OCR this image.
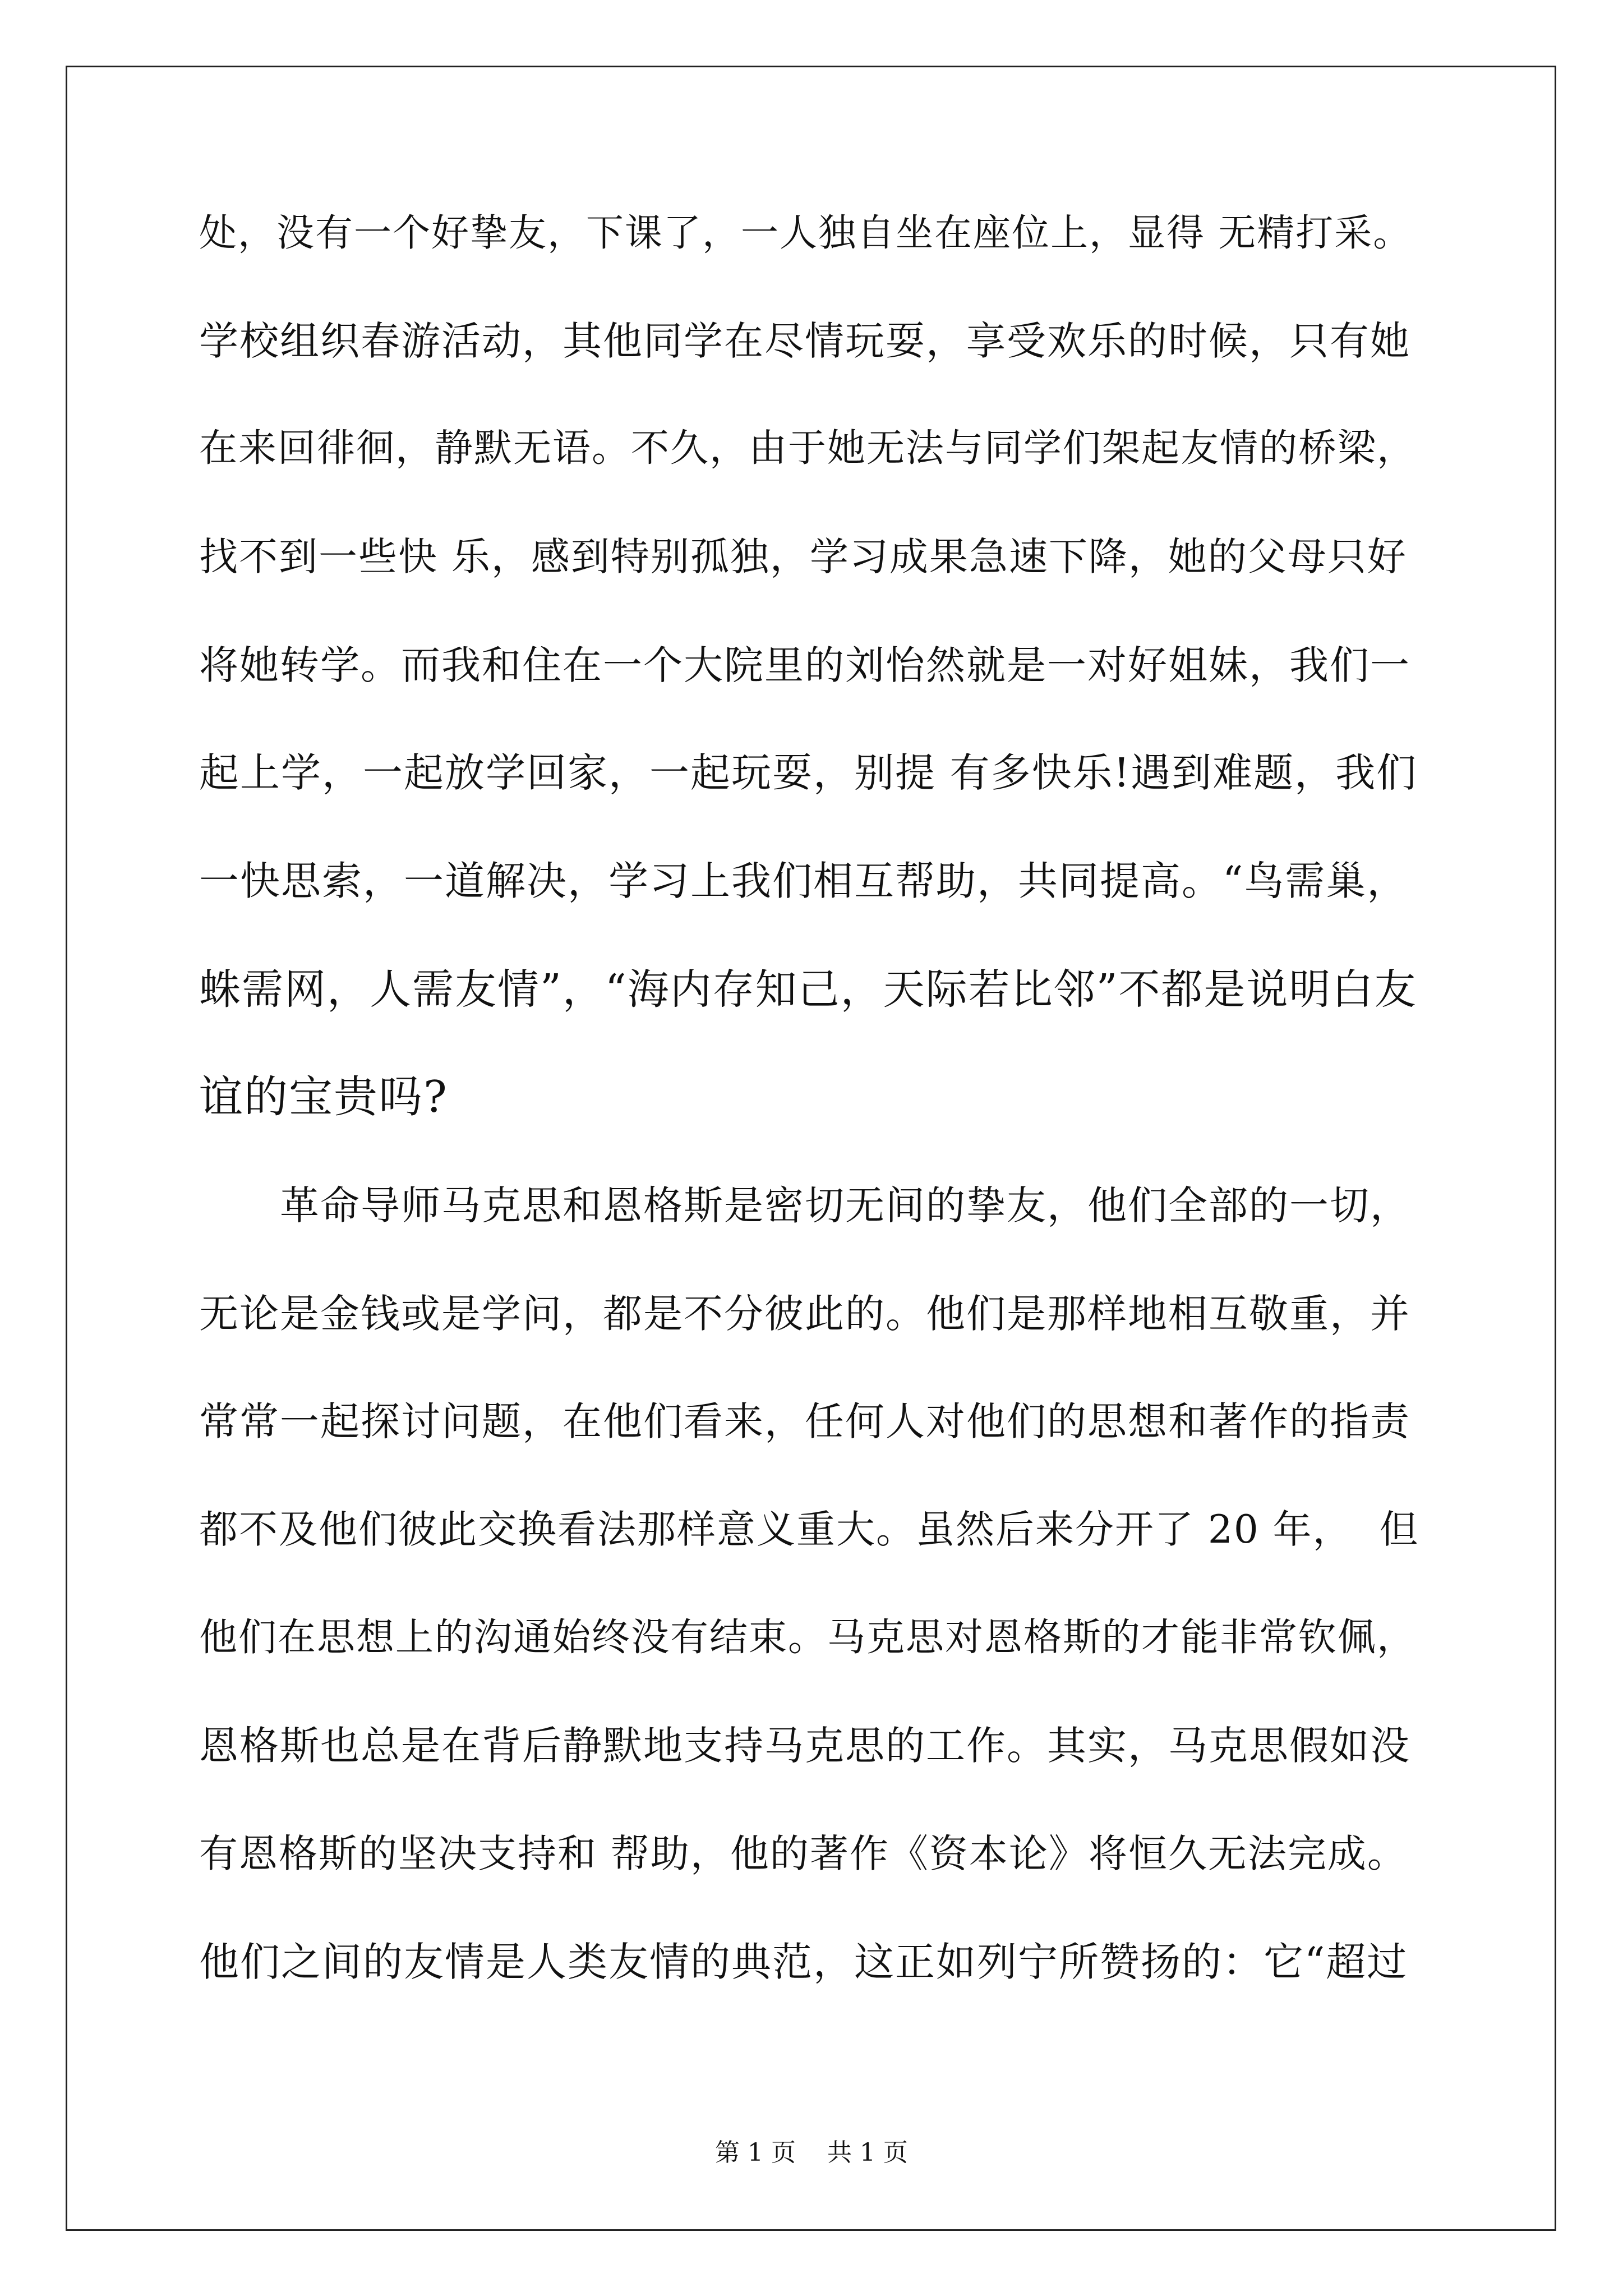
处，没有一个好挚友，下课了，一人独自坐在座位上，显得 无精打采。
学校组织春游活动，其他同学在尽情玩耍，享受欢乐的时候，只有她
在来回徘徊，静默无语。不久，由于她无法与同学们架起友情的桥梁，
找不到一些快 乐，感到特别孤独，学习成果急速下降，她的父母只好
将她转学。而我和住在一个大院里的刘怡然就是一对好姐妹，我们一
起上学，一起放学回家，一起玩耍，别提 有多快乐!遇到难题，我们
一快思索，一道解决，学习上我们相互帮助，共同提高。“鸟需巢，
蛛需网，人需友情”，“海内存知己，天际若比邻”不都是说明白友
谊的宝贵吗?
　　革命导师马克思和恩格斯是密切无间的挚友，他们全部的一切，
无论是金钱或是学问，都是不分彼此的。他们是那样地相互敬重，并
常常一起探讨问题，在他们看来，任何人对他们的思想和著作的指责
都不及他们彼此交换看法那样意义重大。虽然后来分开了 20 年，  但
他们在思想上的沟通始终没有结束。马克思对恩格斯的才能非常钦佩，
恩格斯也总是在背后静默地支持马克思的工作。其实，马克思假如没
有恩格斯的坚决支持和 帮助，他的著作《资本论》将恒久无法完成。
他们之间的友情是人类友情的典范，这正如列宁所赞扬的：它“超过
第 1 页    共 1 页
